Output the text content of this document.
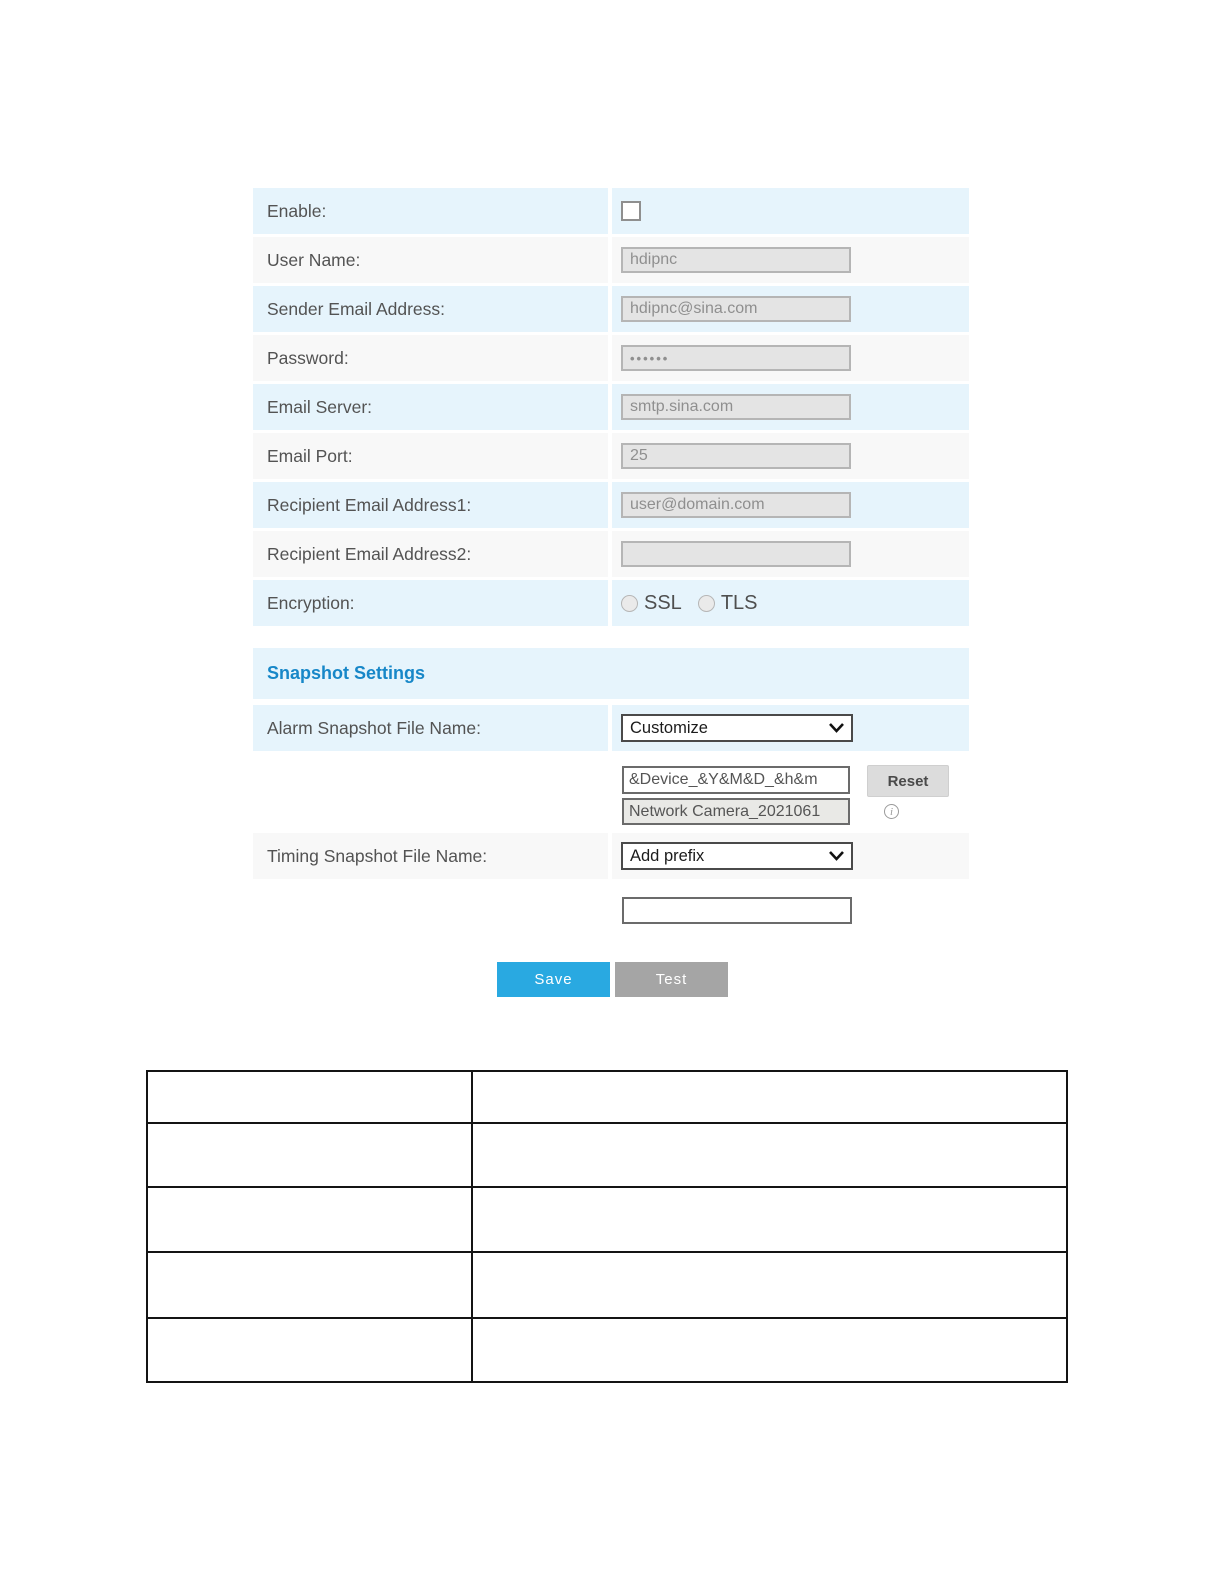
Enable:
User Name:
hdipnc
Sender Email Address:
hdipnc@sina.com
Password:
••••••
Email Server:
smtp.sina.com
Email Port:
25
Recipient Email Address1:
user@domain.com
Recipient Email Address2:
Encryption:	SSL TLS
Snapshot Settings
Alarm Snapshot File Name:	Customize
&Device_&Y&M&D_&h&m
Reset
Network Camera_2021061
i
Timing Snapshot File Name:	Add prefix
Save	Test
